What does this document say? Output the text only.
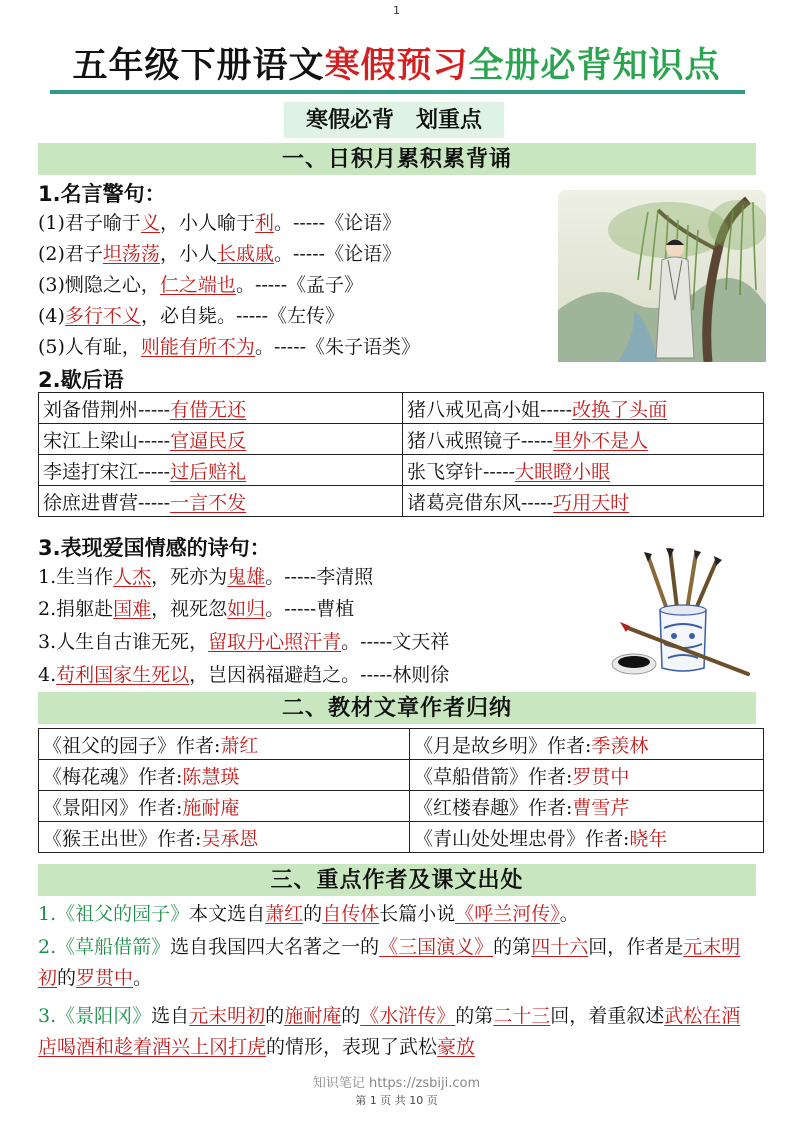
1
五年级下册语文寒假预习全册必背知识点
寒假必背　划重点
一、日积月累积累背诵
1.名言警句：
(1)君子喻于义，小人喻于利。-----《论语》
(2)君子坦荡荡，小人长戚戚。-----《论语》
(3)恻隐之心，仁之端也。-----《孟子》
(4)多行不义，必自毙。-----《左传》
(5)人有耻，则能有所不为。-----《朱子语类》
2.歇后语
刘备借荆州-----有借无还	猪八戒见高小姐-----改换了头面
宋江上梁山-----官逼民反	猪八戒照镜子-----里外不是人
李逵打宋江-----过后赔礼	张飞穿针-----大眼瞪小眼
徐庶进曹营-----一言不发	诸葛亮借东风-----巧用天时
3.表现爱国情感的诗句：
1.生当作人杰，死亦为鬼雄。-----李清照
2.捐躯赴国难，视死忽如归。-----曹植
3.人生自古谁无死，留取丹心照汗青。-----文天祥
4.苟利国家生死以，岂因祸福避趋之。-----林则徐
二、教材文章作者归纳
《祖父的园子》作者:萧红	《月是故乡明》作者:季羡林
《梅花魂》作者:陈慧瑛	《草船借箭》作者:罗贯中
《景阳冈》作者:施耐庵	《红楼春趣》作者:曹雪芹
《猴王出世》作者:吴承恩	《青山处处埋忠骨》作者:晓年
三、重点作者及课文出处
1.《祖父的园子》本文选自萧红的自传体长篇小说《呼兰河传》。
2.《草船借箭》选自我国四大名著之一的《三国演义》的第四十六回，作者是元末明初的罗贯中。
3.《景阳冈》选自元末明初的施耐庵的《水浒传》的第二十三回，着重叙述武松在酒店喝酒和趁着酒兴上冈打虎的情形，表现了武松豪放
知识笔记 https://zsbiji.com
第 1 页 共 10 页
